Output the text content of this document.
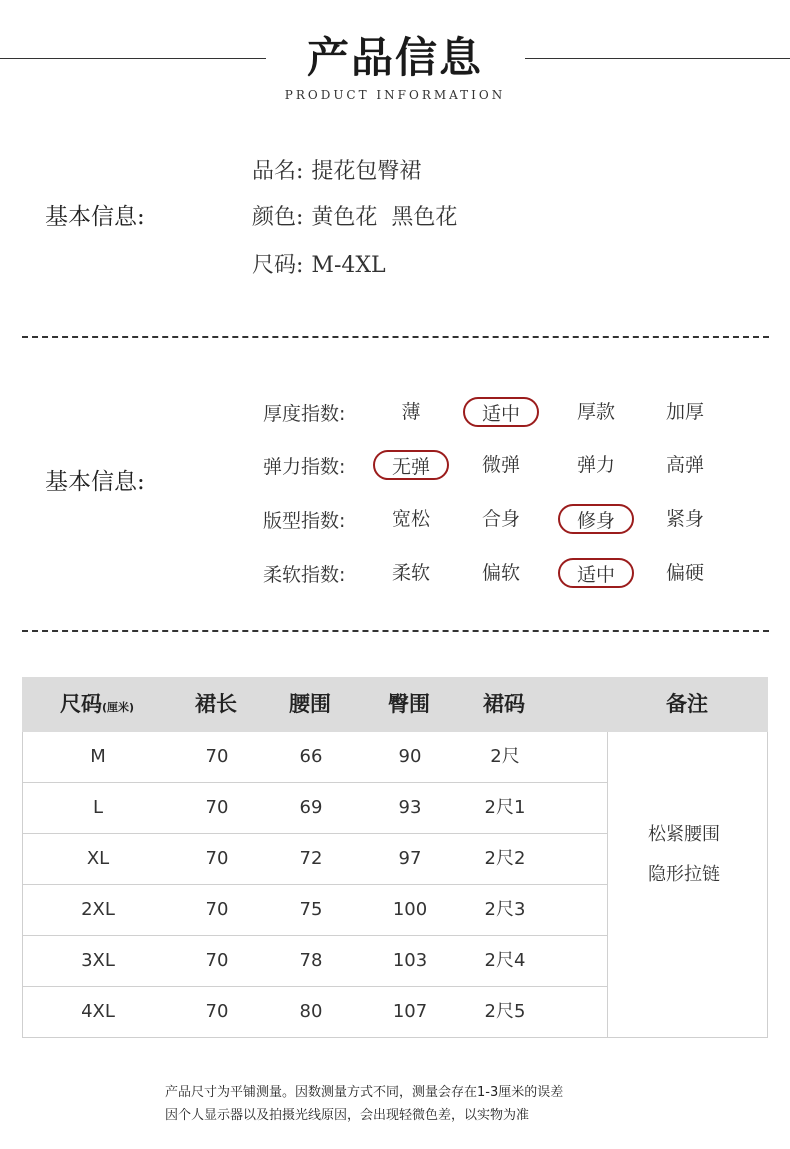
产品信息
PRODUCT INFORMATION
基本信息:
品名: 提花包臀裙
颜色: 黄色花  黑色花
尺码: M-4XL
基本信息:
厚度指数:	薄	适中	厚款	加厚
弹力指数:	无弹	微弹	弹力	高弹
版型指数:	宽松	合身	修身	紧身
柔软指数:	柔软	偏软	适中	偏硬
尺码(厘米)	裙长	腰围	臀围	裙码	备注
M	70	66	90	2尺
L	70	69	93	2尺1
XL	70	72	97	2尺2
2XL	70	75	100	2尺3
3XL	70	78	103	2尺4
4XL	70	80	107	2尺5
松紧腰围
隐形拉链
产品尺寸为平铺测量。因数测量方式不同，测量会存在1-3厘米的误差
因个人显示器以及拍摄光线原因，会出现轻微色差，以实物为准
